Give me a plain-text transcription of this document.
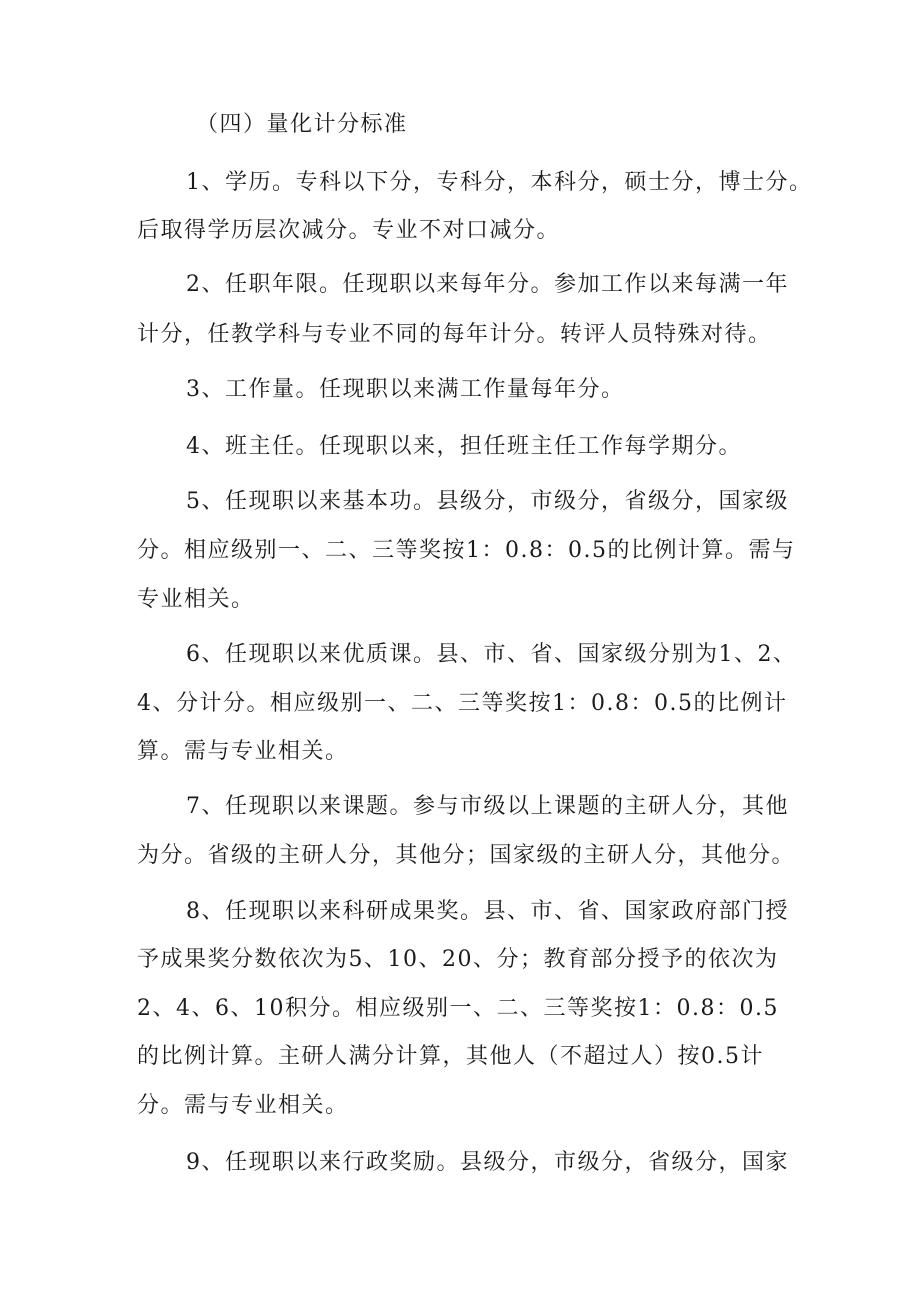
（四）量化计分标准
1、学历。专科以下分，专科分，本科分，硕士分，博士分。
后取得学历层次减分。专业不对口减分。
2、任职年限。任现职以来每年分。参加工作以来每满一年
计分，任教学科与专业不同的每年计分。转评人员特殊对待。
3、工作量。任现职以来满工作量每年分。
4、班主任。任现职以来，担任班主任工作每学期分。
5、任现职以来基本功。县级分，市级分，省级分，国家级
分。相应级别一、二、三等奖按1：0.8：0.5的比例计算。需与
专业相关。
6、任现职以来优质课。县、市、省、国家级分别为1、2、
4、分计分。相应级别一、二、三等奖按1：0.8：0.5的比例计
算。需与专业相关。
7、任现职以来课题。参与市级以上课题的主研人分，其他
为分。省级的主研人分，其他分；国家级的主研人分，其他分。
8、任现职以来科研成果奖。县、市、省、国家政府部门授
予成果奖分数依次为5、10、20、分；教育部分授予的依次为
2、4、6、10积分。相应级别一、二、三等奖按1：0.8：0.5
的比例计算。主研人满分计算，其他人（不超过人）按0.5计
分。需与专业相关。
9、任现职以来行政奖励。县级分，市级分，省级分，国家
